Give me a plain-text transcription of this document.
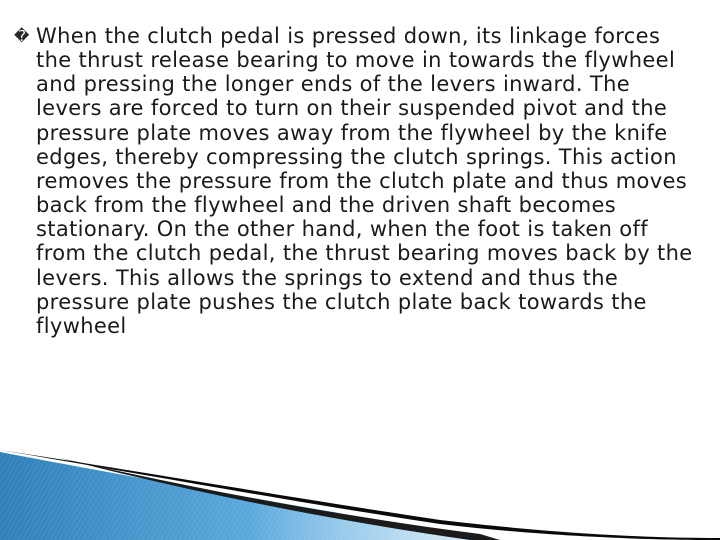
� When the clutch pedal is pressed down, its linkage forces the thrust release bearing to move in towards the flywheel and pressing the longer ends of the levers inward. The levers are forced to turn on their suspended pivot and the pressure plate moves away from the flywheel by the knife edges, thereby compressing the clutch springs. This action removes the pressure from the clutch plate and thus moves back from the flywheel and the driven shaft becomes stationary. On the other hand, when the foot is taken off from the clutch pedal, the thrust bearing moves back by the levers. This allows the springs to extend and thus the pressure plate pushes the clutch plate back towards the flywheel
